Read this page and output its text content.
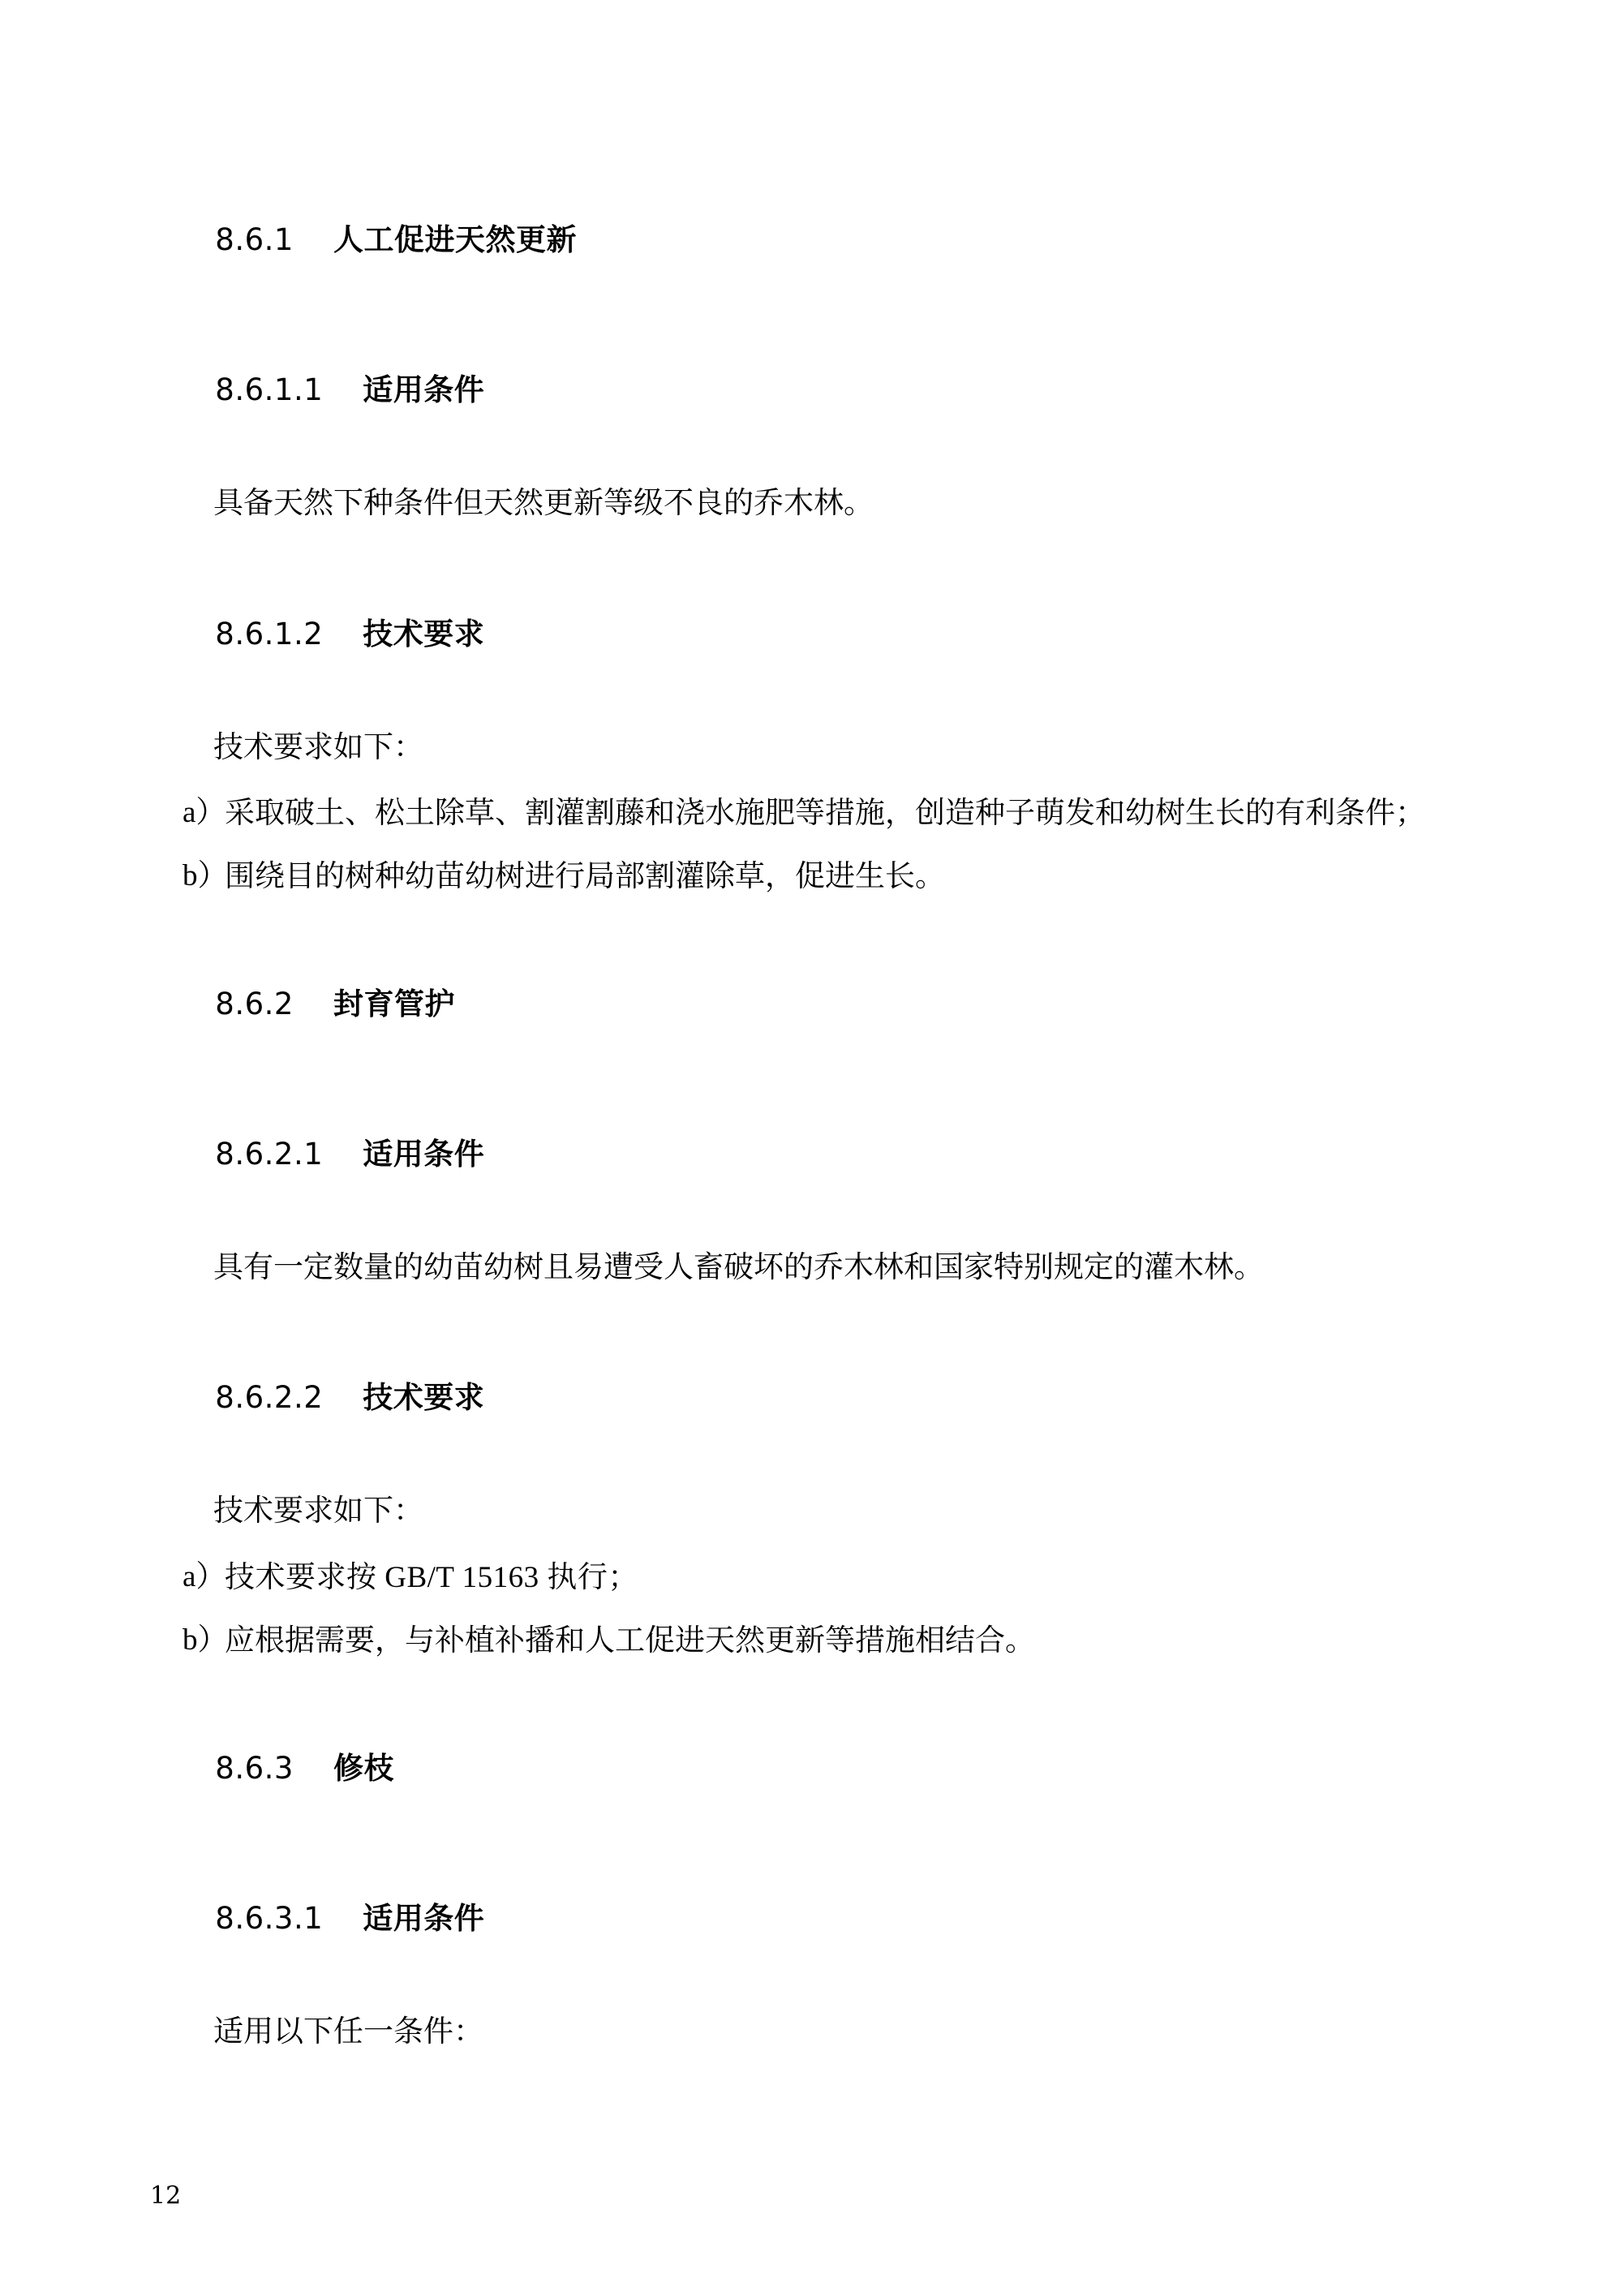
8.6.1 人工促进天然更新

8.6.1.1 适用条件

具备天然下种条件但天然更新等级不良的乔木林。

8.6.1.2 技术要求

技术要求如下：

a）
采取破土、松土除草、割灌割藤和浇水施肥等措施，创造种子萌发和幼树生长的有利条件；
b）
围绕目的树种幼苗幼树进行局部割灌除草，促进生长。

8.6.2 封育管护

8.6.2.1 适用条件

具有一定数量的幼苗幼树且易遭受人畜破坏的乔木林和国家特别规定的灌木林。

8.6.2.2 技术要求

技术要求如下：

a）
技术要求按 GB/T 15163 执行；
b）
应根据需要，与补植补播和人工促进天然更新等措施相结合。

8.6.3 修枝

8.6.3.1 适用条件

适用以下任一条件：

12
